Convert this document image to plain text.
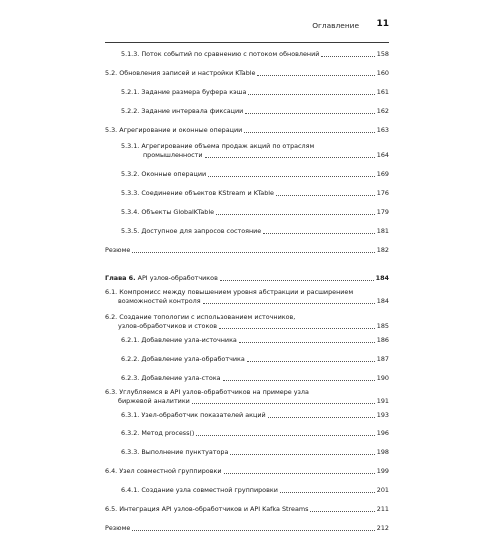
Оглавление 11
5.1.3. Поток событий по сравнению с потоком обновлений	158
5.2. Обновления записей и настройки KTable	160
5.2.1. Задание размера буфера кэша	161
5.2.2. Задание интервала фиксации	162
5.3. Агрегирование и оконные операции	163
5.3.1. Агрегирование объема продаж акций по отраслям
промышленности	164
5.3.2. Оконные операции	169
5.3.3. Соединение объектов KStream и KTable	176
5.3.4. Объекты GlobalKTable	179
5.3.5. Доступное для запросов состояние	181
Резюме	182
Глава 6. API узлов-обработчиков	184
6.1. Компромисс между повышением уровня абстракции и расширением
возможностей контроля	184
6.2. Создание топологии с использованием источников,
узлов-обработчиков и стоков	185
6.2.1. Добавление узла-источника	186
6.2.2. Добавление узла-обработчика	187
6.2.3. Добавление узла-стока	190
6.3. Углубляемся в API узлов-обработчиков на примере узла
биржевой аналитики	191
6.3.1. Узел-обработчик показателей акций	193
6.3.2. Метод process()	196
6.3.3. Выполнение пунктуатора	198
6.4. Узел совместной группировки	199
6.4.1. Создание узла совместной группировки	201
6.5. Интеграция API узлов-обработчиков и API Kafka Streams	211
Резюме	212
